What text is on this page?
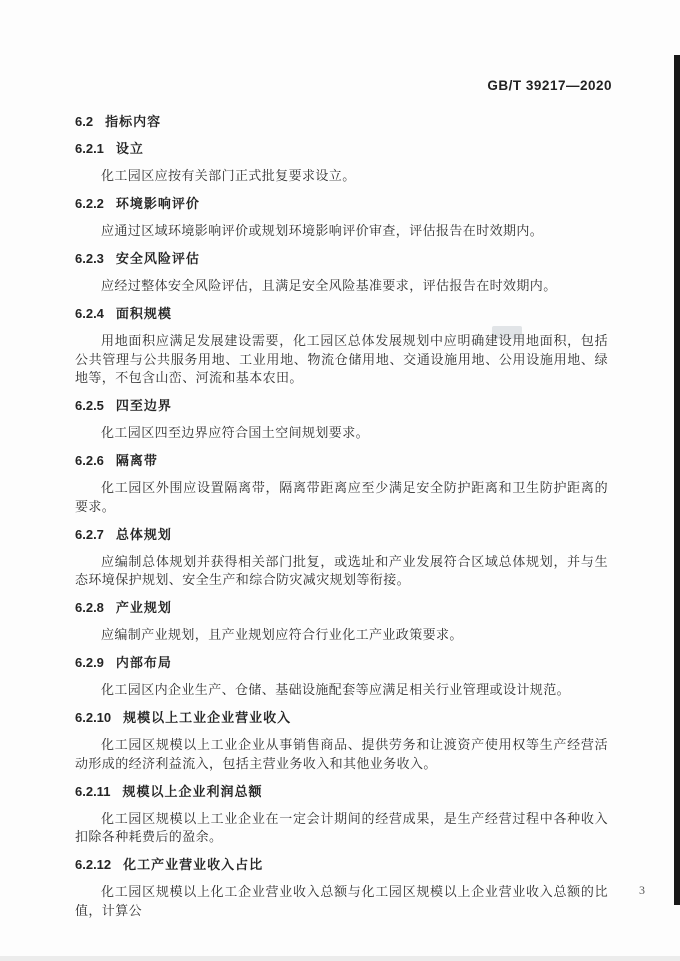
GB/T 39217—2020
6.2 指标内容
6.2.1 设立

化工园区应按有关部门正式批复要求设立。

6.2.2 环境影响评价

应通过区域环境影响评价或规划环境影响评价审查，评估报告在时效期内。

6.2.3 安全风险评估

应经过整体安全风险评估，且满足安全风险基准要求，评估报告在时效期内。

6.2.4 面积规模

用地面积应满足发展建设需要，化工园区总体发展规划中应明确建设用地面积，包括公共管理与公共服务用地、工业用地、物流仓储用地、交通设施用地、公用设施用地、绿地等，不包含山峦、河流和基本农田。

6.2.5 四至边界

化工园区四至边界应符合国土空间规划要求。

6.2.6 隔离带

化工园区外围应设置隔离带，隔离带距离应至少满足安全防护距离和卫生防护距离的要求。

6.2.7 总体规划

应编制总体规划并获得相关部门批复，或选址和产业发展符合区域总体规划，并与生态环境保护规划、安全生产和综合防灾减灾规划等衔接。

6.2.8 产业规划

应编制产业规划，且产业规划应符合行业化工产业政策要求。

6.2.9 内部布局

化工园区内企业生产、仓储、基础设施配套等应满足相关行业管理或设计规范。

6.2.10 规模以上工业企业营业收入

化工园区规模以上工业企业从事销售商品、提供劳务和让渡资产使用权等生产经营活动形成的经济利益流入，包括主营业务收入和其他业务收入。

6.2.11 规模以上企业利润总额

化工园区规模以上工业企业在一定会计期间的经营成果，是生产经营过程中各种收入扣除各种耗费后的盈余。

6.2.12 化工产业营业收入占比

化工园区规模以上化工企业营业收入总额与化工园区规模以上企业营业收入总额的比值，计算公

3
